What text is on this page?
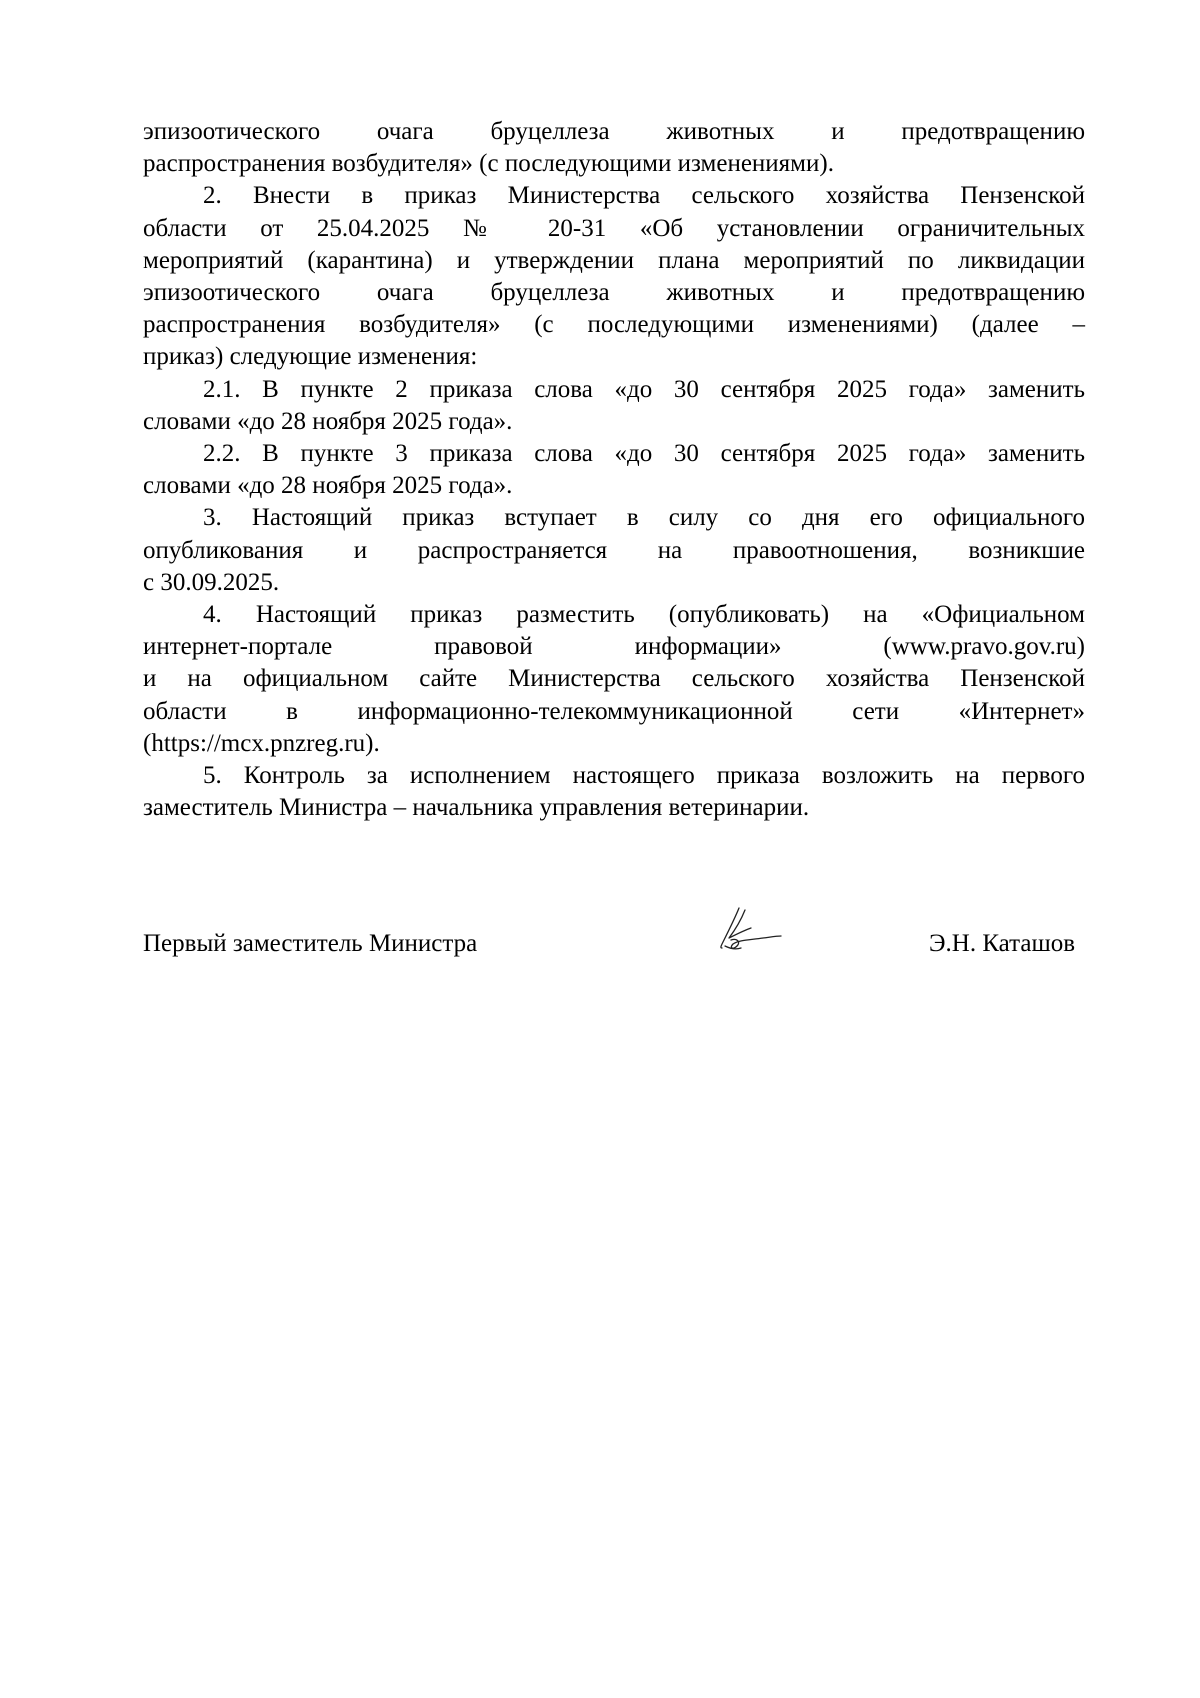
эпизоотического очага бруцеллеза животных и предотвращению
распространения возбудителя» (с последующими изменениями).

2. Внести в приказ Министерства сельского хозяйства Пензенской
области от 25.04.2025 № 20-31 «Об установлении ограничительных
мероприятий (карантина) и утверждении плана мероприятий по ликвидации
эпизоотического очага бруцеллеза животных и предотвращению
распространения возбудителя» (с последующими изменениями) (далее –
приказ) следующие изменения:

2.1. В пункте 2 приказа слова «до 30 сентября 2025 года» заменить
словами «до 28 ноября 2025 года».

2.2. В пункте 3 приказа слова «до 30 сентября 2025 года» заменить
словами «до 28 ноября 2025 года».

3. Настоящий приказ вступает в силу со дня его официального
опубликования и распространяется на правоотношения, возникшие
с 30.09.2025.

4. Настоящий приказ разместить (опубликовать) на «Официальном
интернет-портале правовой информации» (www.pravo.gov.ru)
и на официальном сайте Министерства сельского хозяйства Пензенской
области в информационно-телекоммуникационной сети «Интернет»
(https://mcx.pnzreg.ru).

5. Контроль за исполнением настоящего приказа возложить на первого
заместитель Министра – начальника управления ветеринарии.

Первый заместитель Министра	Э.Н. Каташов
